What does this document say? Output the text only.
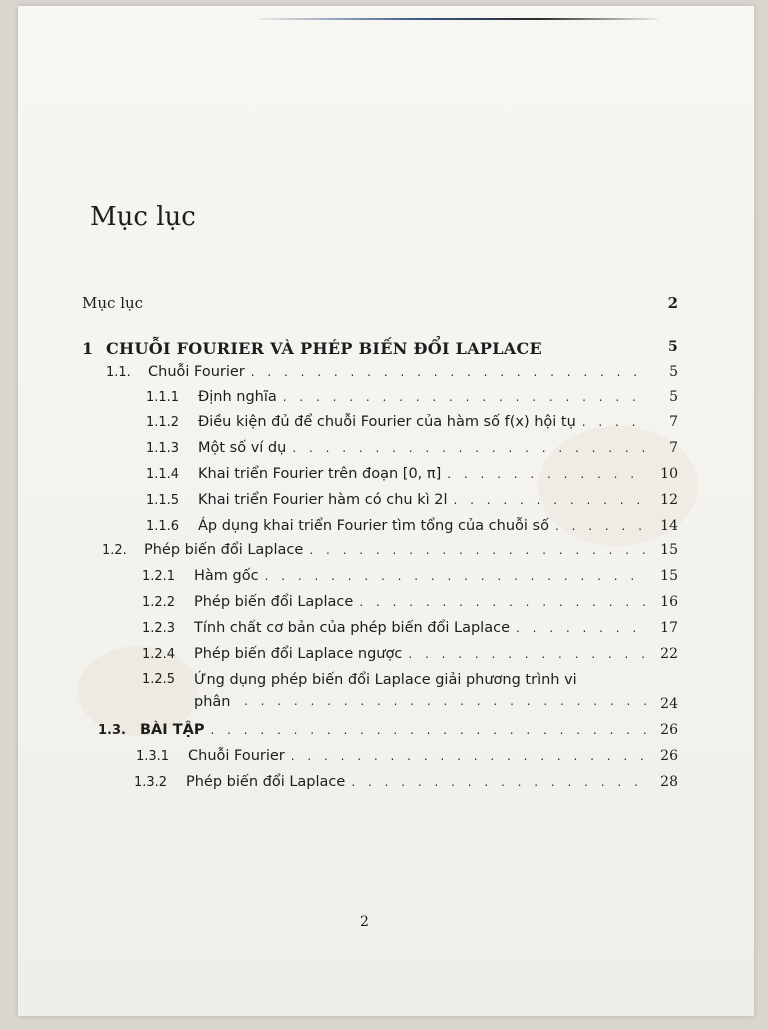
Mục lục
Mục lục	2
1 CHUỖI FOURIER VÀ PHÉP BIẾN ĐỔI LAPLACE	5
1.1.	Chuỗi Fourier . . .	5
1.1.1	Định nghĩa . . .	5
1.1.2	Điều kiện đủ để chuỗi Fourier của hàm số f(x) hội tụ . . .	7
1.1.3	Một số ví dụ . . .	7
1.1.4	Khai triển Fourier trên đoạn [0, π] . . .	10
1.1.5	Khai triển Fourier hàm có chu kì 2l . . .	12
1.1.6	Áp dụng khai triển Fourier tìm tổng của chuỗi số . . .	14
1.2.	Phép biến đổi Laplace . . .	15
1.2.1	Hàm gốc . . .	15
1.2.2	Phép biến đổi Laplace . . .	16
1.2.3	Tính chất cơ bản của phép biến đổi Laplace . . .	17
1.2.4	Phép biến đổi Laplace ngược . . .	22
1.2.5	Ứng dụng phép biến đổi Laplace giải phương trình vi
phân . . .	24
1.3. BÀI TẬP . . .	26
1.3.1	Chuỗi Fourier . . .	26
1.3.2	Phép biến đổi Laplace . . .	28
2
